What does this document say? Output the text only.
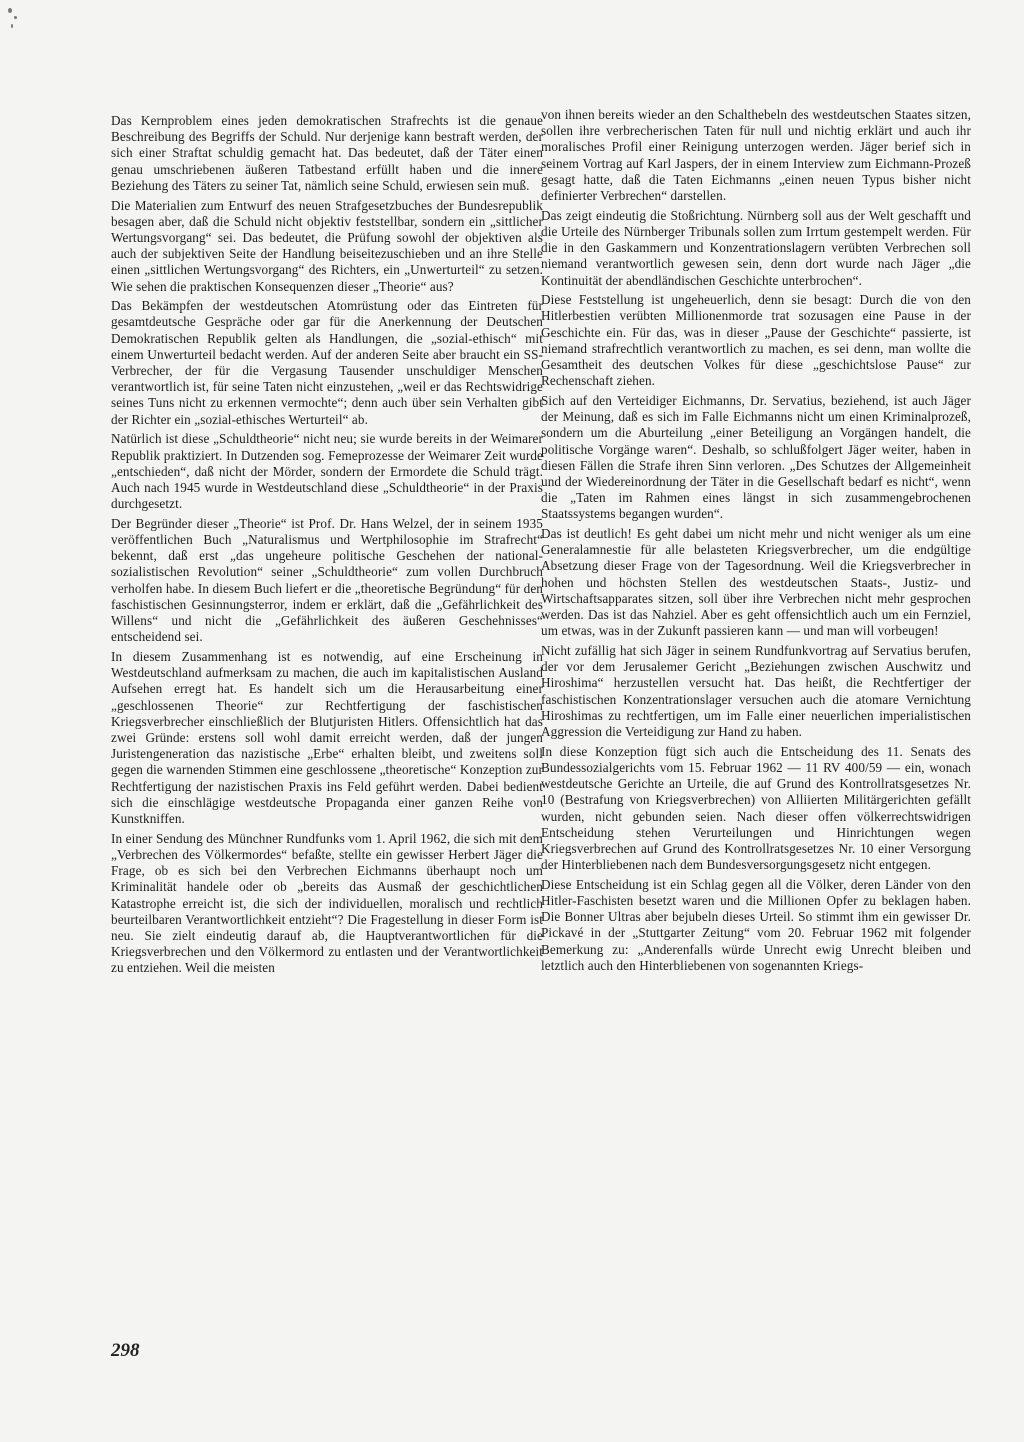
Das Kernproblem eines jeden demokratischen Strafrechts ist die genaue Beschreibung des Begriffs der Schuld. Nur derjenige kann bestraft werden, der sich einer Straftat schuldig gemacht hat. Das bedeutet, daß der Täter einen genau umschriebenen äußeren Tatbestand erfüllt haben und die innere Beziehung des Täters zu seiner Tat, nämlich seine Schuld, erwiesen sein muß.

Die Materialien zum Entwurf des neuen Strafgesetzbuches der Bundesrepublik besagen aber, daß die Schuld nicht objektiv feststellbar, sondern ein „sittlicher Wertungsvorgang“ sei. Das bedeutet, die Prüfung sowohl der objektiven als auch der subjektiven Seite der Handlung beiseitezuschieben und an ihre Stelle einen „sittlichen Wertungsvorgang“ des Richters, ein „Unwerturteil“ zu setzen. Wie sehen die praktischen Konsequenzen dieser „Theorie“ aus?

Das Bekämpfen der westdeutschen Atomrüstung oder das Eintreten für gesamtdeutsche Gespräche oder gar für die Anerkennung der Deutschen Demokratischen Republik gelten als Handlungen, die „sozial-ethisch“ mit einem Unwerturteil bedacht werden. Auf der anderen Seite aber braucht ein SS-Verbrecher, der für die Vergasung Tausender unschuldiger Menschen verantwortlich ist, für seine Taten nicht einzustehen, „weil er das Rechtswidrige seines Tuns nicht zu erkennen vermochte“; denn auch über sein Verhalten gibt der Richter ein „sozial-ethisches Werturteil“ ab.

Natürlich ist diese „Schuldtheorie“ nicht neu; sie wurde bereits in der Weimarer Republik praktiziert. In Dutzenden sog. Femeprozesse der Weimarer Zeit wurde „entschieden“, daß nicht der Mörder, sondern der Ermordete die Schuld trägt. Auch nach 1945 wurde in Westdeutschland diese „Schuldtheorie“ in der Praxis durchgesetzt.

Der Begründer dieser „Theorie“ ist Prof. Dr. Hans Welzel, der in seinem 1935 veröffentlichen Buch „Naturalismus und Wertphilosophie im Strafrecht“ bekennt, daß erst „das ungeheure politische Geschehen der national-sozialistischen Revolution“ seiner „Schuldtheorie“ zum vollen Durchbruch verholfen habe. In diesem Buch liefert er die „theoretische Begründung“ für den faschistischen Gesinnungsterror, indem er erklärt, daß die „Gefährlichkeit des Willens“ und nicht die „Gefährlichkeit des äußeren Geschehnisses“ entscheidend sei.

In diesem Zusammenhang ist es notwendig, auf eine Erscheinung in Westdeutschland aufmerksam zu machen, die auch im kapitalistischen Ausland Aufsehen erregt hat. Es handelt sich um die Herausarbeitung einer „geschlossenen Theorie“ zur Rechtfertigung der faschistischen Kriegsverbrecher einschließlich der Blutjuristen Hitlers. Offensichtlich hat das zwei Gründe: erstens soll wohl damit erreicht werden, daß der jungen Juristengeneration das nazistische „Erbe“ erhalten bleibt, und zweitens soll gegen die warnenden Stimmen eine geschlossene „theoretische“ Konzeption zur Rechtfertigung der nazistischen Praxis ins Feld geführt werden. Dabei bedient sich die einschlägige westdeutsche Propaganda einer ganzen Reihe von Kunstkniffen.

In einer Sendung des Münchner Rundfunks vom 1. April 1962, die sich mit dem „Verbrechen des Völkermordes“ befaßte, stellte ein gewisser Herbert Jäger die Frage, ob es sich bei den Verbrechen Eichmanns überhaupt noch um Kriminalität handele oder ob „bereits das Ausmaß der geschichtlichen Katastrophe erreicht ist, die sich der individuellen, moralisch und rechtlich beurteilbaren Verantwortlichkeit entzieht“? Die Fragestellung in dieser Form ist neu. Sie zielt eindeutig darauf ab, die Hauptverantwortlichen für die Kriegsverbrechen und den Völkermord zu entlasten und der Verantwortlichkeit zu entziehen. Weil die meisten

von ihnen bereits wieder an den Schalthebeln des westdeutschen Staates sitzen, sollen ihre verbrecherischen Taten für null und nichtig erklärt und auch ihr moralisches Profil einer Reinigung unterzogen werden. Jäger berief sich in seinem Vortrag auf Karl Jaspers, der in einem Interview zum Eichmann-Prozeß gesagt hatte, daß die Taten Eichmanns „einen neuen Typus bisher nicht definierter Verbrechen“ darstellen.

Das zeigt eindeutig die Stoßrichtung. Nürnberg soll aus der Welt geschafft und die Urteile des Nürnberger Tribunals sollen zum Irrtum gestempelt werden. Für die in den Gaskammern und Konzentrationslagern verübten Verbrechen soll niemand verantwortlich gewesen sein, denn dort wurde nach Jäger „die Kontinuität der abendländischen Geschichte unterbrochen“.

Diese Feststellung ist ungeheuerlich, denn sie besagt: Durch die von den Hitlerbestien verübten Millionenmorde trat sozusagen eine Pause in der Geschichte ein. Für das, was in dieser „Pause der Geschichte“ passierte, ist niemand strafrechtlich verantwortlich zu machen, es sei denn, man wollte die Gesamtheit des deutschen Volkes für diese „geschichtslose Pause“ zur Rechenschaft ziehen.

Sich auf den Verteidiger Eichmanns, Dr. Servatius, beziehend, ist auch Jäger der Meinung, daß es sich im Falle Eichmanns nicht um einen Kriminalprozeß, sondern um die Aburteilung „einer Beteiligung an Vorgängen handelt, die politische Vorgänge waren“. Deshalb, so schlußfolgert Jäger weiter, haben in diesen Fällen die Strafe ihren Sinn verloren. „Des Schutzes der Allgemeinheit und der Wiedereinordnung der Täter in die Gesellschaft bedarf es nicht“, wenn die „Taten im Rahmen eines längst in sich zusammengebrochenen Staatssystems begangen wurden“.

Das ist deutlich! Es geht dabei um nicht mehr und nicht weniger als um eine Generalamnestie für alle belasteten Kriegsverbrecher, um die endgültige Absetzung dieser Frage von der Tagesordnung. Weil die Kriegsverbrecher in hohen und höchsten Stellen des westdeutschen Staats-, Justiz- und Wirtschaftsapparates sitzen, soll über ihre Verbrechen nicht mehr gesprochen werden. Das ist das Nahziel. Aber es geht offensichtlich auch um ein Fernziel, um etwas, was in der Zukunft passieren kann — und man will vorbeugen!

Nicht zufällig hat sich Jäger in seinem Rundfunkvortrag auf Servatius berufen, der vor dem Jerusalemer Gericht „Beziehungen zwischen Auschwitz und Hiroshima“ herzustellen versucht hat. Das heißt, die Rechtfertiger der faschistischen Konzentrationslager versuchen auch die atomare Vernichtung Hiroshimas zu rechtfertigen, um im Falle einer neuerlichen imperialistischen Aggression die Verteidigung zur Hand zu haben.

In diese Konzeption fügt sich auch die Entscheidung des 11. Senats des Bundessozialgerichts vom 15. Februar 1962 — 11 RV 400/59 — ein, wonach westdeutsche Gerichte an Urteile, die auf Grund des Kontrollratsgesetzes Nr. 10 (Bestrafung von Kriegsverbrechen) von Alliierten Militärgerichten gefällt wurden, nicht gebunden seien. Nach dieser offen völkerrechtswidrigen Entscheidung stehen Verurteilungen und Hinrichtungen wegen Kriegsverbrechen auf Grund des Kontrollratsgesetzes Nr. 10 einer Versorgung der Hinterbliebenen nach dem Bundesversorgungsgesetz nicht entgegen.

Diese Entscheidung ist ein Schlag gegen all die Völker, deren Länder von den Hitler-Faschisten besetzt waren und die Millionen Opfer zu beklagen haben. Die Bonner Ultras aber bejubeln dieses Urteil. So stimmt ihm ein gewisser Dr. Pickavé in der „Stuttgarter Zeitung“ vom 20. Februar 1962 mit folgender Bemerkung zu: „Anderenfalls würde Unrecht ewig Unrecht bleiben und letztlich auch den Hinterbliebenen von sogenannten Kriegs-

298
